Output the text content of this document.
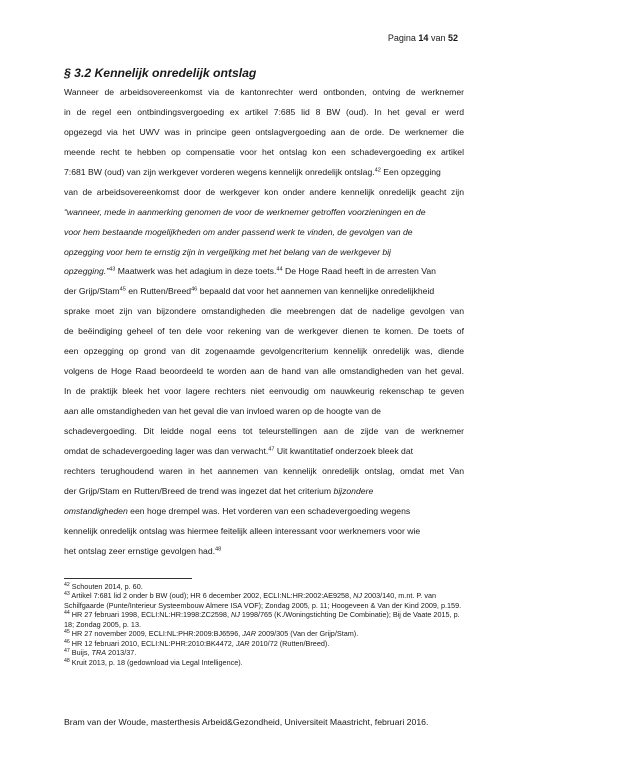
Pagina 14 van 52
§ 3.2 Kennelijk onredelijk ontslag
Wanneer de arbeidsovereenkomst via de kantonrechter werd ontbonden, ontving de werknemer
in de regel een ontbindingsvergoeding ex artikel 7:685 lid 8 BW (oud). In het geval er werd
opgezegd via het UWV was in principe geen ontslagvergoeding aan de orde. De werknemer die
meende recht te hebben op compensatie voor het ontslag kon een schadevergoeding ex artikel
7:681 BW (oud) van zijn werkgever vorderen wegens kennelijk onredelijk ontslag.$^{42}$ Een opzegging
van de arbeidsovereenkomst door de werkgever kon onder andere kennelijk onredelijk geacht zijn
“wanneer, mede in aanmerking genomen de voor de werknemer getroffen voorzieningen en de
voor hem bestaande mogelijkheden om ander passend werk te vinden, de gevolgen van de
opzegging voor hem te ernstig zijn in vergelijking met het belang van de werkgever bij
opzegging.”$^{43}$ Maatwerk was het adagium in deze toets.$^{44}$ De Hoge Raad heeft in de arresten Van
der Grijp/Stam$^{45}$ en Rutten/Breed$^{46}$ bepaald dat voor het aannemen van kennelijke onredelijkheid
sprake moet zijn van bijzondere omstandigheden die meebrengen dat de nadelige gevolgen van
de beëindiging geheel of ten dele voor rekening van de werkgever dienen te komen. De toets of
een opzegging op grond van dit zogenaamde gevolgencriterium kennelijk onredelijk was, diende
volgens de Hoge Raad beoordeeld te worden aan de hand van alle omstandigheden van het geval.
In de praktijk bleek het voor lagere rechters niet eenvoudig om nauwkeurig rekenschap te geven
aan alle omstandigheden van het geval die van invloed waren op de hoogte van de
schadevergoeding. Dit leidde nogal eens tot teleurstellingen aan de zijde van de werknemer
omdat de schadevergoeding lager was dan verwacht.$^{47}$ Uit kwantitatief onderzoek bleek dat
rechters terughoudend waren in het aannemen van kennelijk onredelijk ontslag, omdat met Van
der Grijp/Stam en Rutten/Breed de trend was ingezet dat het criterium bijzondere
omstandigheden een hoge drempel was. Het vorderen van een schadevergoeding wegens
kennelijk onredelijk ontslag was hiermee feitelijk alleen interessant voor werknemers voor wie
het ontslag zeer ernstige gevolgen had.$^{48}$

$^{42}$ Schouten 2014, p. 60.

$^{43}$ Artikel 7:681 lid 2 onder b BW (oud); HR 6 december 2002, ECLI:NL:HR:2002:AE9258, NJ 2003/140, m.nt. P. van Schilfgaarde (Punte/Interieur Systeembouw Almere ISA VOF); Zondag 2005, p. 11; Hoogeveen & Van der Kind 2009, p.159.

$^{44}$ HR 27 februari 1998, ECLI:NL:HR:1998:ZC2598, NJ 1998/765 (K./Woningstichting De Combinatie); Bij de Vaate 2015, p. 18; Zondag 2005, p. 13.

$^{45}$ HR 27 november 2009, ECLI:NL:PHR:2009:BJ6596, JAR 2009/305 (Van der Grijp/Stam).

$^{46}$ HR 12 februari 2010, ECLI:NL:PHR:2010:BK4472, JAR 2010/72 (Rutten/Breed).

$^{47}$ Buijs, TRA 2013/37.

$^{48}$ Kruit 2013, p. 18 (gedownload via Legal Intelligence).

Bram van der Woude, masterthesis Arbeid&Gezondheid, Universiteit Maastricht, februari 2016.
